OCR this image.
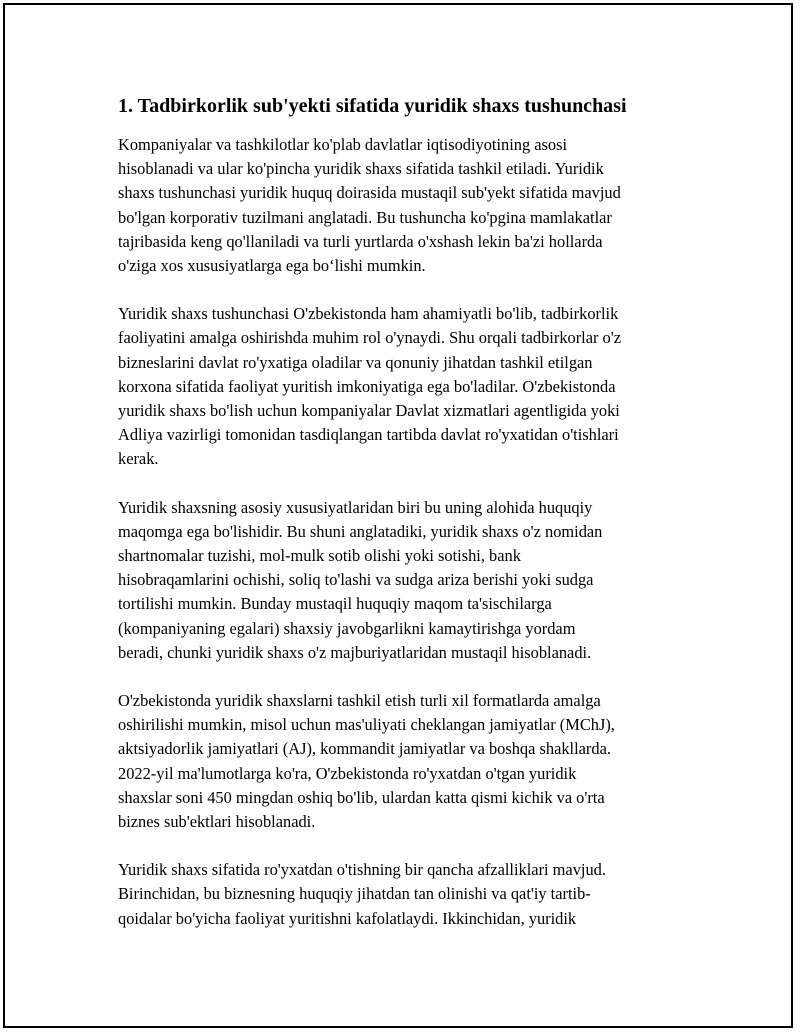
1. Tadbirkorlik sub'yekti sifatida yuridik shaxs tushunchasi

Kompaniyalar va tashkilotlar ko'plab davlatlar iqtisodiyotining asosi
hisoblanadi va ular ko'pincha yuridik shaxs sifatida tashkil etiladi. Yuridik
shaxs tushunchasi yuridik huquq doirasida mustaqil sub'yekt sifatida mavjud
bo'lgan korporativ tuzilmani anglatadi. Bu tushuncha ko'pgina mamlakatlar
tajribasida keng qo'llaniladi va turli yurtlarda o'xshash lekin ba'zi hollarda
o'ziga xos xususiyatlarga ega bo‘lishi mumkin.

Yuridik shaxs tushunchasi O'zbekistonda ham ahamiyatli bo'lib, tadbirkorlik
faoliyatini amalga oshirishda muhim rol o'ynaydi. Shu orqali tadbirkorlar o'z
bizneslarini davlat ro'yxatiga oladilar va qonuniy jihatdan tashkil etilgan
korxona sifatida faoliyat yuritish imkoniyatiga ega bo'ladilar. O'zbekistonda
yuridik shaxs bo'lish uchun kompaniyalar Davlat xizmatlari agentligida yoki
Adliya vazirligi tomonidan tasdiqlangan tartibda davlat ro'yxatidan o'tishlari
kerak.

Yuridik shaxsning asosiy xususiyatlaridan biri bu uning alohida huquqiy
maqomga ega bo'lishidir. Bu shuni anglatadiki, yuridik shaxs o'z nomidan
shartnomalar tuzishi, mol-mulk sotib olishi yoki sotishi, bank
hisobraqamlarini ochishi, soliq to'lashi va sudga ariza berishi yoki sudga
tortilishi mumkin. Bunday mustaqil huquqiy maqom ta'sischilarga
(kompaniyaning egalari) shaxsiy javobgarlikni kamaytirishga yordam
beradi, chunki yuridik shaxs o'z majburiyatlaridan mustaqil hisoblanadi.

O'zbekistonda yuridik shaxslarni tashkil etish turli xil formatlarda amalga
oshirilishi mumkin, misol uchun mas'uliyati cheklangan jamiyatlar (MChJ),
aktsiyadorlik jamiyatlari (AJ), kommandit jamiyatlar va boshqa shakllarda.
2022-yil ma'lumotlarga ko'ra, O'zbekistonda ro'yxatdan o'tgan yuridik
shaxslar soni 450 mingdan oshiq bo'lib, ulardan katta qismi kichik va o'rta
biznes sub'ektlari hisoblanadi.

Yuridik shaxs sifatida ro'yxatdan o'tishning bir qancha afzalliklari mavjud.
Birinchidan, bu biznesning huquqiy jihatdan tan olinishi va qat'iy tartib-
qoidalar bo'yicha faoliyat yuritishni kafolatlaydi. Ikkinchidan, yuridik
